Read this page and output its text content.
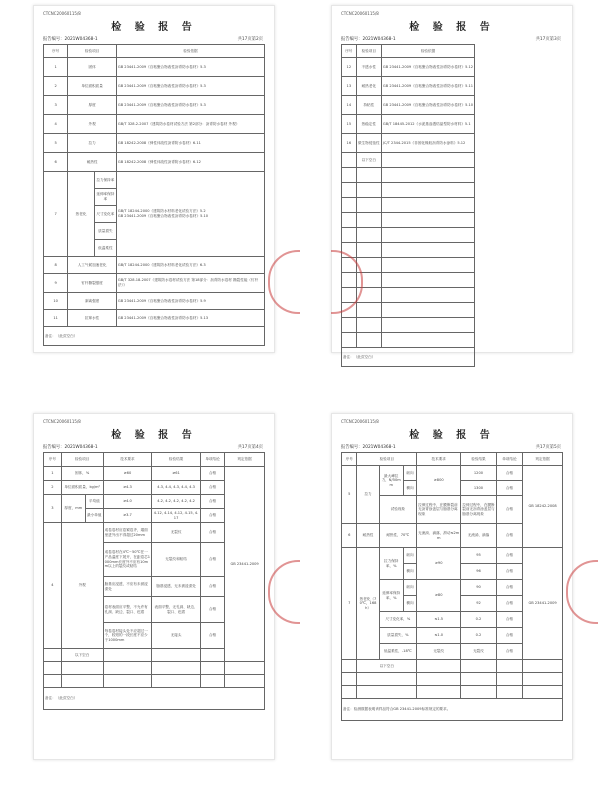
CTCNC20060115/8
检 验 报 告
报告编号：2021W04368-1	共17页第2页
序号	检验项目		检验依据
1	固体		GB 23441-2009《自粘聚合物改性沥青防水卷材》5.3
2	单位面积质量		GB 23441-2009《自粘聚合物改性沥青防水卷材》5.3
3	厚度		GB 23441-2009《自粘聚合物改性沥青防水卷材》5.3
4	外观		GB/T 328.2-2007《建筑防水卷材试验方法 第2部分：沥青防水卷材 外观》
5	拉力		GB 18242-2008《弹性体改性沥青防水卷材》6.11
6	耐热性		GB 18242-2008《弹性体改性沥青防水卷材》6.12
7	热老化	拉力保持率	GB/T 18244-2000《建筑防水材料老化试验方法》5.2
GB 23441-2009《自粘聚合物改性沥青防水卷材》5.10
		延伸率保持率	
		尺寸变化率	
		质量损失	
		低温柔性	
8	人工气候加速老化		GB/T 18244-2000《建筑防水材料老化试验方法》6.3
9	钉杆撕裂强度		GB/T 328.18-2007《建筑防水卷材试验方法 第18部分：沥青防水卷材 撕裂性能（钉杆法）》
10	剥离强度		GB 23441-2009《自粘聚合物改性沥青防水卷材》5.9
11	抗窜水性		GB 23441-2009《自粘聚合物改性沥青防水卷材》5.13
备注：（此页空白）			
CTCNC20060115/8
检 验 报 告
报告编号：2021W04368-1	共17页第3页
序号	检验项目	检验依据
12	不透水性	GB 23441-2009《自粘聚合物改性沥青防水卷材》5.12
13	耐热老化	GB 23441-2009《自粘聚合物改性沥青防水卷材》5.11
14	持粘性	GB 23441-2009《自粘聚合物改性沥青防水卷材》5.10
15	热稳定性	GB/T 18445-2012《水泥基渗透结晶型防水材料》5.1
16	微生物侵蚀性	JC/T 2344-2015《非固化橡胶沥青防水涂料》5.12
	以下空白	

备注：（此页空白）		
CTCNC20060115/8
检 验 报 告
报告编号：2021W04368-1	共17页第4页
序号	检验项目		技术要求	检验结果	单项结论	判定依据
1	固体，%		≥60	≥61	合格	GB 23441-2009
2	单位面积质量，kg/m²		≥4.3	4.3, 4.4, 4.3, 4.4, 4.3	合格	
3	厚度，mm	平均值	≥4.0	4.2, 4.2, 4.2, 4.2, 4.2	合格	
		最小单值	≥3.7	4.12, 4.14, 4.12, 4.15, 4.17	合格	
4	外观		成卷卷材应卷紧卷齐，端面里进外出不得超过20mm	无裂纹	合格	
			成卷卷材在4℃~50℃任一产品温度下展开，在距卷芯1000mm长度外不应有10mm以上的裂纹或粘结	无裂纹和粘结	合格	
			胎基应浸透，不应有未被浸渍处	胎基浸透，无未被浸渍处	合格	
			卷材表面应平整，不允许有孔洞、缺边、裂口、疙瘩	表面平整，无孔洞、缺边、裂口、疙瘩	合格	
			每卷卷材接头处不应超过一个，较短的一段长度不应少于1000mm	无接头	合格	
	以下空白					

备注：（此页空白）						
CTCNC20060115/8
检 验 报 告
报告编号：2021W04368-1	共17页第5页
序号	检验项目			技术要求	检验结果	单项结论	判定依据
5	拉力	最大峰拉力，N/50mm	纵向	≥800	1200	合格	GB 18242-2008
			横向		1300	合格	
		试验现象		拉伸过程中，在膜断裂前无沥青涂盖层与胎基分离现象	拉伸过程中，在膜断裂前无沥青涂盖层与胎基分离现象	合格	
6	耐热性	耐热性，70℃		无流淌、滴落，滑动≤2mm	无流淌、滴落	合格	
7	热老化（70℃，168h）	拉力保持率，%	纵向	≥90	95	合格	GB 23441-2009
			横向		96	合格	
		延伸率保持率，%	纵向	≥80	90	合格	
			横向		92	合格	
		尺寸变化率，%		≤1.5	0.2	合格	
		质量损失，%		≤1.0	0.2	合格	
		低温柔性，-18℃		无裂纹	无裂纹	合格	
	以下空白						

备注：检测数据表明该样品符合GB 23441-2009标准规定的要求。							
